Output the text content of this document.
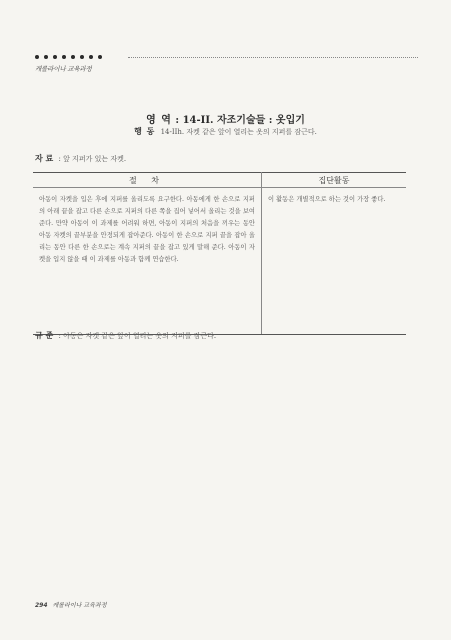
캐롤라이나 교육과정
영 역 : 14-II. 자조기술들 : 옷입기
행 동 14-IIh. 자켓 같은 앞이 열리는 옷의 지퍼를 잠근다.
자 료 : 앞 지퍼가 있는 자켓.
절 차	집단활동
아동이 자켓을 입은 후에 지퍼를 올리도록 요구한다. 아동에게 한 손으로 지퍼의 아래 끝을 잡고 다른 손으로 지퍼의 다른 쪽을 집어 넣어서 올리는 것을 보여준다. 만약 아동이 이 과제를 어려워 하면, 아동이 지퍼의 처음을 끼우는 동안 아동 자켓의 끝부분을 안정되게 잡아준다. 아동이 한 손으로 지퍼 끝을 잡아 올리는 동안 다른 한 손으로는 계속 지퍼의 끝을 잡고 있게 말해 준다. 아동이 자켓을 입지 않을 때 이 과제를 아동과 함께 연습한다.	이 활동은 개별적으로 하는 것이 가장 좋다.
규 준 : 아동은 자켓 같은 앞이 열리는 옷의 지퍼를 잠근다.
294 캐롤라이나 교육과정
